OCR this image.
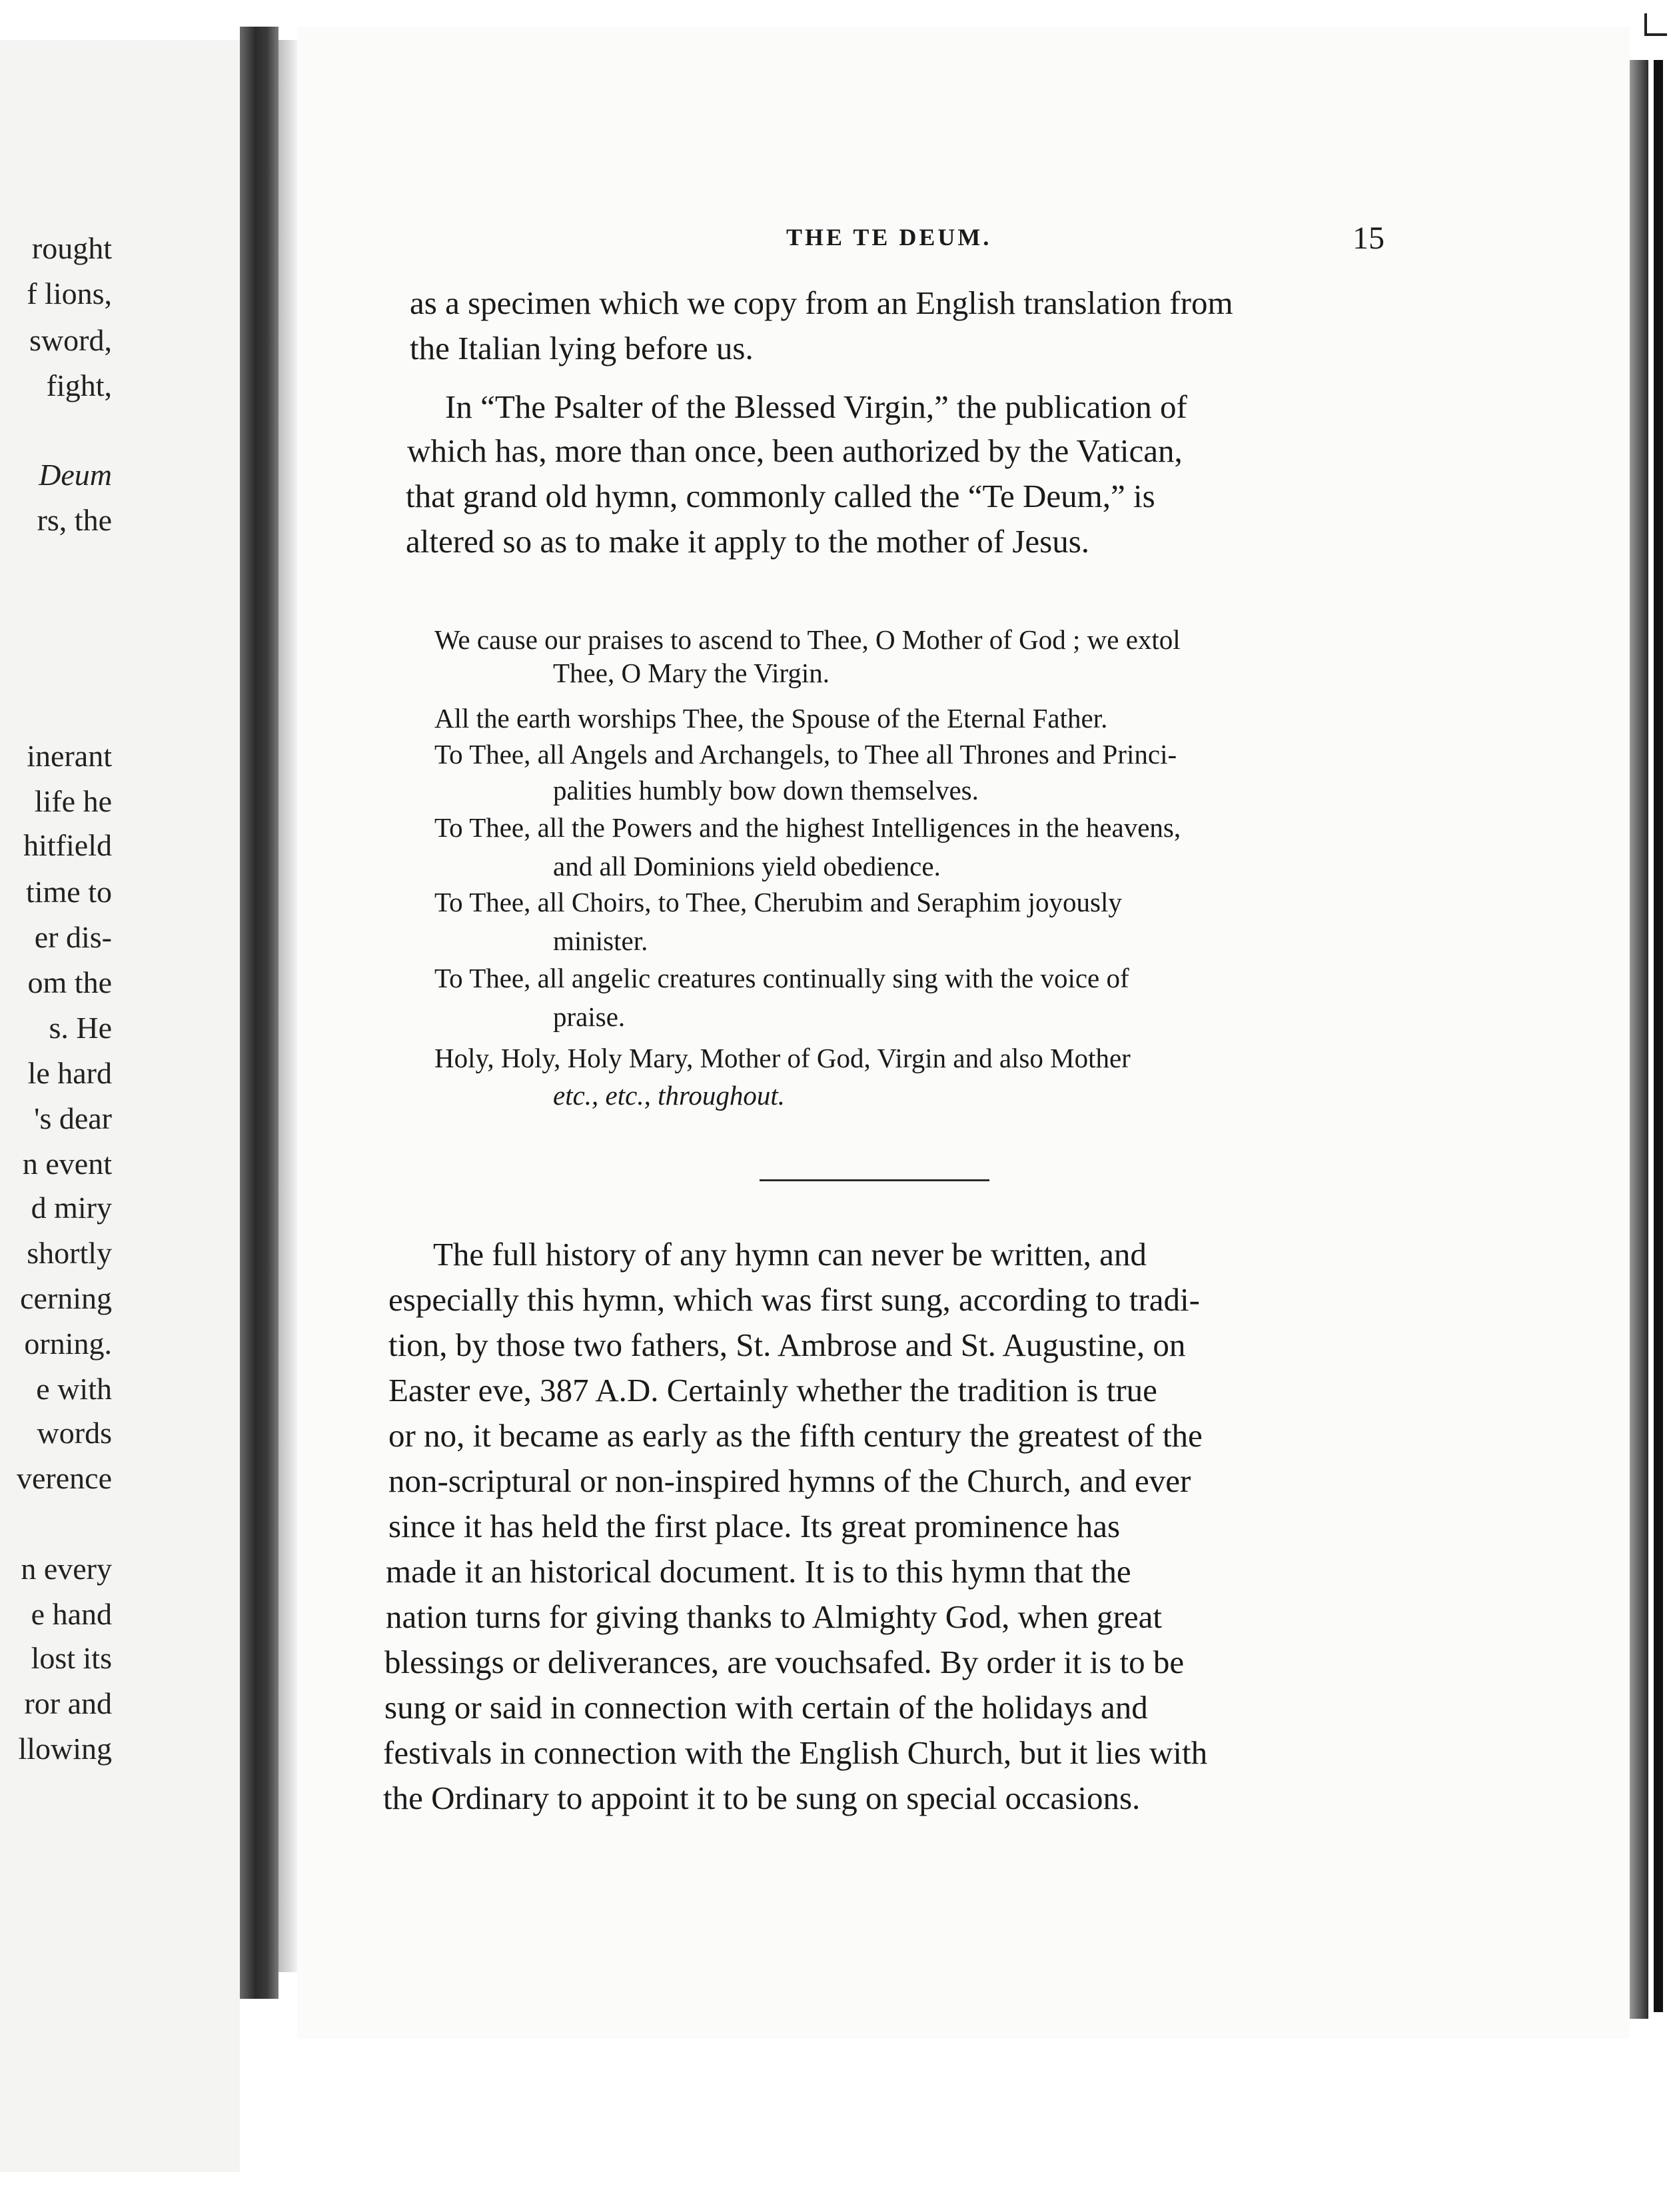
rought
f lions,
sword,
fight,
Deum
rs, the
inerant
life he
hitfield
time to
er dis-
om the
s. He
le hard
's dear
n event
d miry
shortly
cerning
orning.
e with
words
verence
n every
e hand
lost its
ror and
llowing
THE TE DEUM.	15
as a specimen which we copy from an English translation from
the Italian lying before us.
In “The Psalter of the Blessed Virgin,” the publication of
which has, more than once, been authorized by the Vatican,
that grand old hymn, commonly called the “Te Deum,” is
altered so as to make it apply to the mother of Jesus.
We cause our praises to ascend to Thee, O Mother of God ; we extol
Thee, O Mary the Virgin.
All the earth worships Thee, the Spouse of the Eternal Father.
To Thee, all Angels and Archangels, to Thee all Thrones and Princi-
palities humbly bow down themselves.
To Thee, all the Powers and the highest Intelligences in the heavens,
and all Dominions yield obedience.
To Thee, all Choirs, to Thee, Cherubim and Seraphim joyously
minister.
To Thee, all angelic creatures continually sing with the voice of
praise.
Holy, Holy, Holy Mary, Mother of God, Virgin and also Mother
etc., etc., throughout.
The full history of any hymn can never be written, and
especially this hymn, which was first sung, according to tradi-
tion, by those two fathers, St. Ambrose and St. Augustine, on
Easter eve, 387 A.D. Certainly whether the tradition is true
or no, it became as early as the fifth century the greatest of the
non-scriptural or non-inspired hymns of the Church, and ever
since it has held the first place. Its great prominence has
made it an historical document. It is to this hymn that the
nation turns for giving thanks to Almighty God, when great
blessings or deliverances, are vouchsafed. By order it is to be
sung or said in connection with certain of the holidays and
festivals in connection with the English Church, but it lies with
the Ordinary to appoint it to be sung on special occasions.
